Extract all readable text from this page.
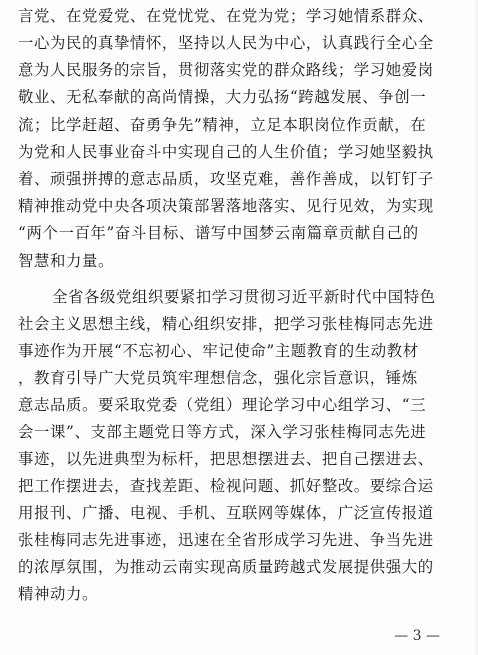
言党、在党爱党、在党忧党、在党为党；学习她情系群众、
一心为民的真挚情怀，坚持以人民为中心，认真践行全心全
意为人民服务的宗旨，贯彻落实党的群众路线；学习她爱岗
敬业、无私奉献的高尚情操，大力弘扬“跨越发展、争创一
流；比学赶超、奋勇争先”精神，立足本职岗位作贡献，在
为党和人民事业奋斗中实现自己的人生价值；学习她坚毅执
着、顽强拼搏的意志品质，攻坚克难，善作善成，以钉钉子
精神推动党中央各项决策部署落地落实、见行见效，为实现
“两个一百年”奋斗目标、谱写中国梦云南篇章贡献自己的
智慧和力量。
全省各级党组织要紧扣学习贯彻习近平新时代中国特色
社会主义思想主线，精心组织安排，把学习张桂梅同志先进
事迹作为开展“不忘初心、牢记使命”主题教育的生动教材
，教育引导广大党员筑牢理想信念，强化宗旨意识，锤炼
意志品质。要采取党委（党组）理论学习中心组学习、“三
会一课”、支部主题党日等方式，深入学习张桂梅同志先进
事迹，以先进典型为标杆，把思想摆进去、把自己摆进去、
把工作摆进去，查找差距、检视问题、抓好整改。要综合运
用报刊、广播、电视、手机、互联网等媒体，广泛宣传报道
张桂梅同志先进事迹，迅速在全省形成学习先进、争当先进
的浓厚氛围，为推动云南实现高质量跨越式发展提供强大的
精神动力。
— 3 —
